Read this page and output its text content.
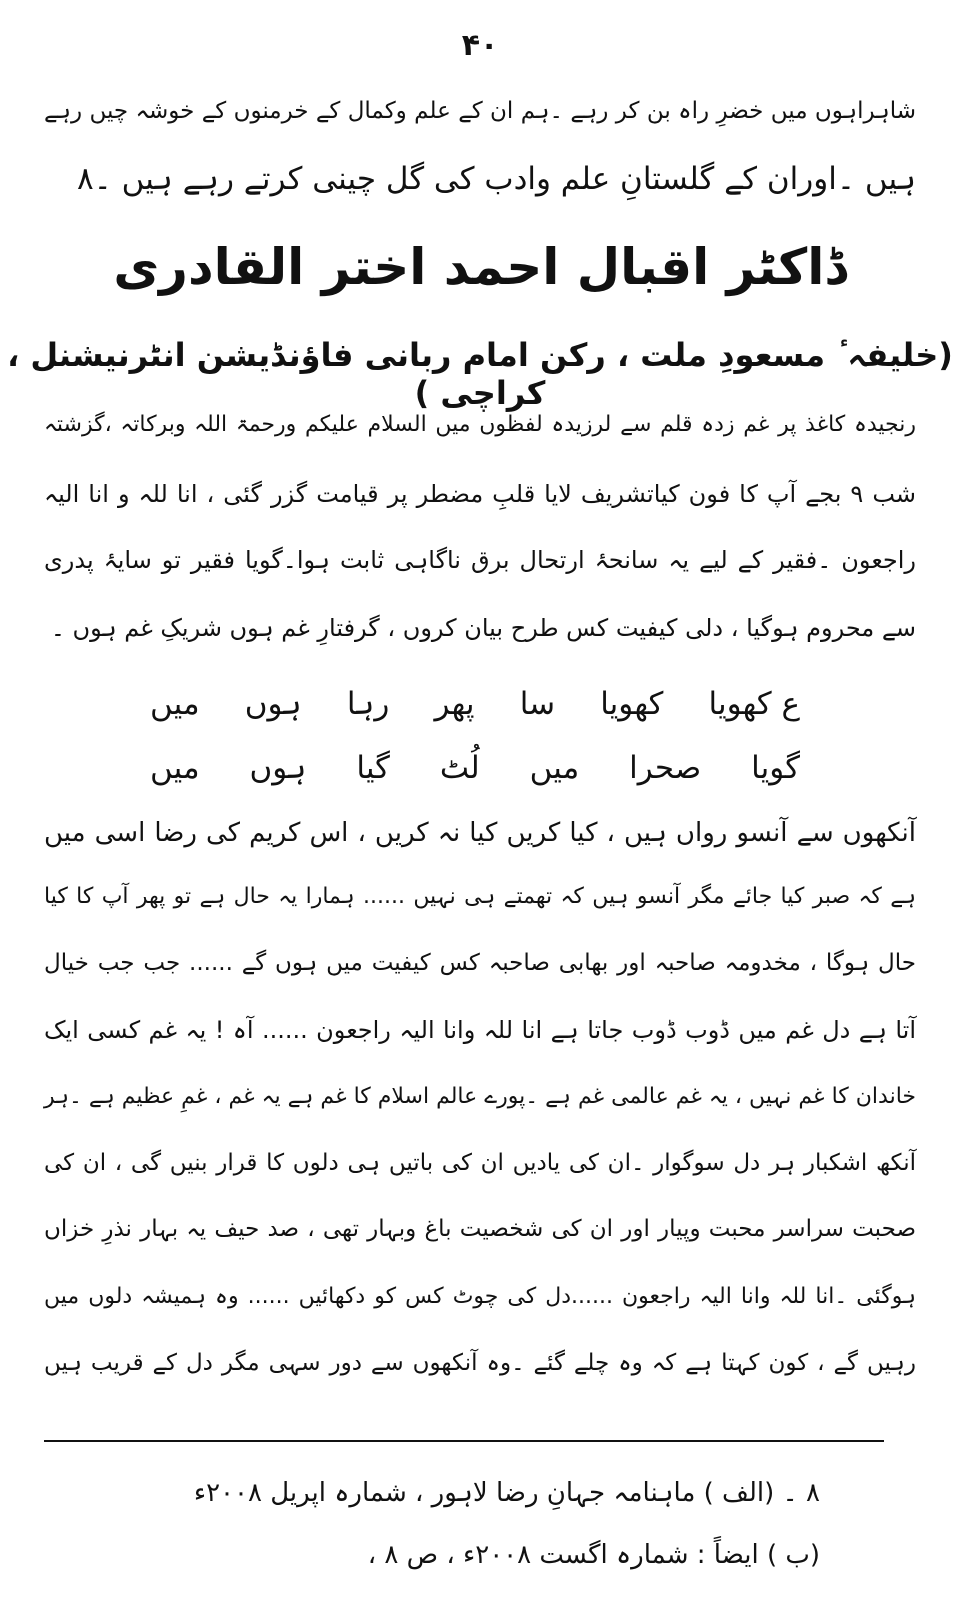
۴۰
شاہراہوں میں خضرِ راہ بن کر رہے ۔ہم ان کے علم وکمال کے خرمنوں کے خوشہ چیں رہے
ہیں ۔اوران کے گلستانِ علم وادب کی گل چینی کرتے رہے ہیں ۔۸
ڈاکٹر اقبال احمد اختر القادری
(خلیفہ ٔ مسعودِ ملت ، رکن امام ربانی فاؤنڈیشن انٹرنیشنل ، کراچی )
رنجیدہ کاغذ پر غم زدہ قلم سے لرزیدہ لفظوں میں السلام علیکم ورحمۃ اللہ وبرکاتہ ،گزشتہ
شب ۹ بجے آپ کا فون کیاتشریف لایا قلبِ مضطر پر قیامت گزر گئی ، انا للہ و انا الیہ
راجعون ۔فقیر کے لیے یہ سانحۂ ارتحال برق ناگاہی ثابت ہوا۔گویا فقیر تو سایۂ پدری
سے محروم ہوگیا ، دلی کیفیت کس طرح بیان کروں ، گرفتارِ غم ہوں شریکِ غم ہوں ۔
ع کھویا
کھویا
سا
پھر
رہا
ہوں
میں
گویا
صحرا
میں
لُٹ
گیا
ہوں
میں
آنکھوں سے آنسو رواں ہیں ، کیا کریں کیا نہ کریں ، اس کریم کی رضا اسی میں
ہے کہ صبر کیا جائے مگر آنسو ہیں کہ تھمتے ہی نہیں ...... ہمارا یہ حال ہے تو پھر آپ کا کیا
حال ہوگا ، مخدومہ صاحبہ اور بھابی صاحبہ کس کیفیت میں ہوں گے ...... جب جب خیال
آتا ہے دل غم میں ڈوب ڈوب جاتا ہے انا للہ وانا الیہ راجعون ...... آہ ! یہ غم کسی ایک
خاندان کا غم نہیں ، یہ غم عالمی غم ہے ۔پورے عالم اسلام کا غم ہے یہ غم ، غمِ عظیم ہے ۔ہر
آنکھ اشکبار ہر دل سوگوار ۔ان کی یادیں ان کی باتیں ہی دلوں کا قرار بنیں گی ، ان کی
صحبت سراسر محبت وپیار اور ان کی شخصیت باغ وبہار تھی ، صد حیف یہ بہار نذرِ خزاں
ہوگئی ۔انا للہ وانا الیہ راجعون ......دل کی چوٹ کس کو دکھائیں ...... وہ ہمیشہ دلوں میں
رہیں گے ، کون کہتا ہے کہ وہ چلے گئے ۔وہ آنکھوں سے دور سہی مگر دل کے قریب ہیں
۸ ۔ (الف ) ماہنامہ جہانِ رضا لاہور ، شمارہ اپریل ۲۰۰۸ء
(ب ) ایضاً : شمارہ اگست ۲۰۰۸ء ، ص ۸ ،
